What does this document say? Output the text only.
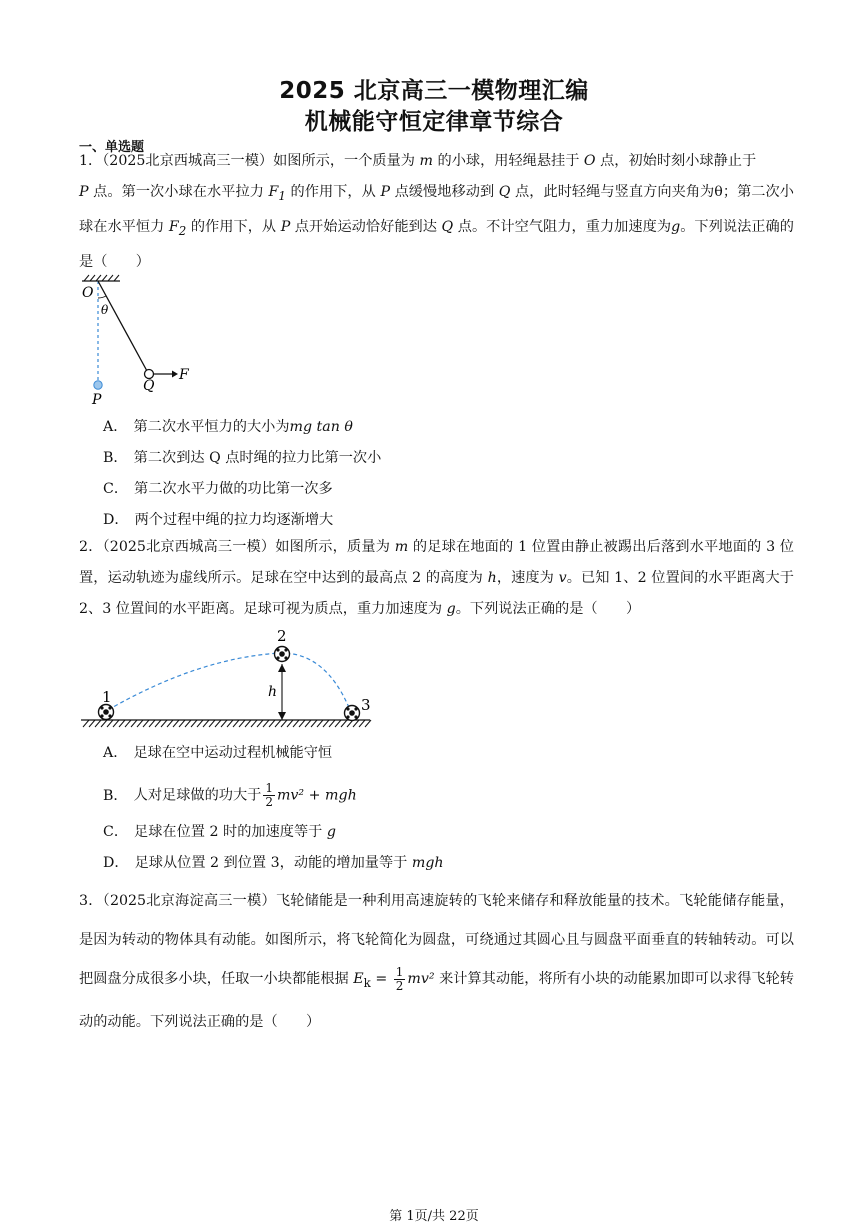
2025 北京高三一模物理汇编
机械能守恒定律章节综合
一、单选题
1．（2025北京西城高三一模）如图所示，一个质量为 m 的小球，用轻绳悬挂于 O 点，初始时刻小球静止于
P 点。第一次小球在水平拉力 $F_1$ 的作用下，从 P 点缓慢地移动到 Q 点，此时轻绳与竖直方向夹角为θ；第二次小球在水平恒力 $F_2$ 的作用下，从 P 点开始运动恰好能到达 Q 点。不计空气阻力，重力加速度为g。下列说法正确的是（　　）
O
θ
Q
F
P
A． 第二次水平恒力的大小为mg tan θ
B． 第二次到达 Q 点时绳的拉力比第一次小
C． 第二次水平力做的功比第一次多
D． 两个过程中绳的拉力均逐渐增大
2．（2025北京西城高三一模）如图所示，质量为 m 的足球在地面的 1 位置由静止被踢出后落到水平地面的 3 位置，运动轨迹为虚线所示。足球在空中达到的最高点 2 的高度为 h，速度为 v。已知 1、2 位置间的水平距离大于 2、3 位置间的水平距离。足球可视为质点，重力加速度为 g。下列说法正确的是（　　）
1
2
3
h
A． 足球在空中运动过程机械能守恒
B． 人对足球做的功大于 $\frac{1}{2} mv^2$ + mgh
C． 足球在位置 2 时的加速度等于 g
D． 足球从位置 2 到位置 3，动能的增加量等于 mgh
3．（2025北京海淀高三一模）飞轮储能是一种利用高速旋转的飞轮来储存和释放能量的技术。飞轮能储存能量，是因为转动的物体具有动能。如图所示，将飞轮简化为圆盘，可绕通过其圆心且与圆盘平面垂直的转轴转动。可以把圆盘分成很多小块，任取一小块都能根据 $E_k = \frac{1}{2} mv^2$ 来计算其动能，将所有小块的动能累加即可以求得飞轮转动的动能。下列说法正确的是（　　）
第 1页/共 22页
